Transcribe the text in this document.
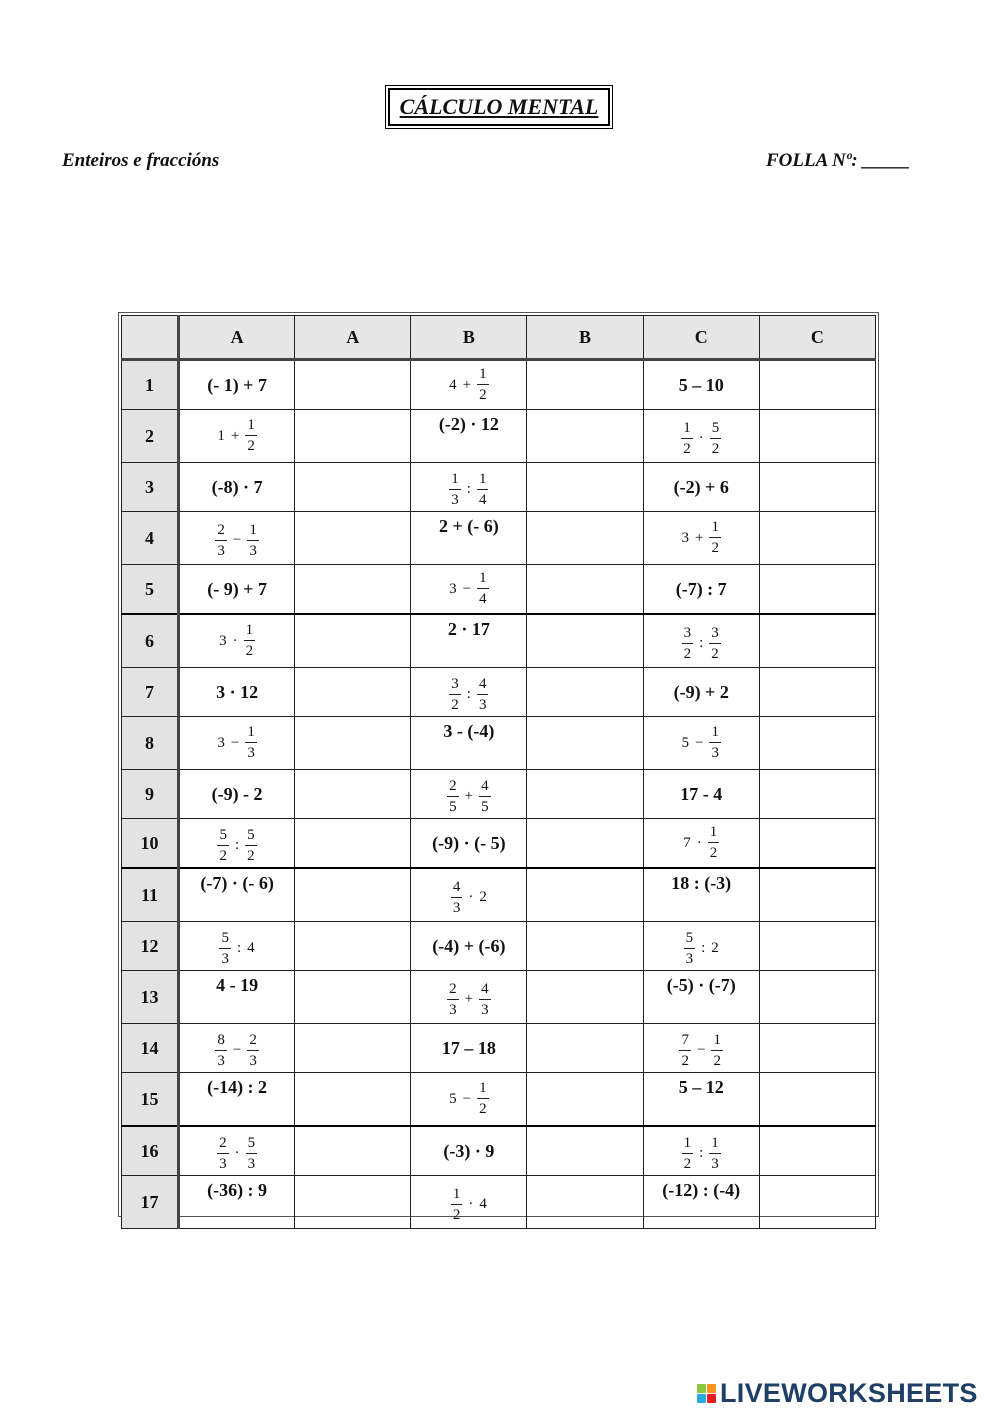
CÁLCULO MENTAL
Enteiros e fraccións	FOLLA Nº: _____
	A	A	B	B	C	C
1	(- 1) + 7		$4 + \frac{1}{2}$		5 – 10	
2	$1 + \frac{1}{2}$		(-2) · 12		$\frac{1}{2} \cdot \frac{5}{2}$

3	(-8) · 7		$\frac{1}{3}$ : $\frac{1}{4}$		(-2) + 6	
4	$\frac{2}{3} - \frac{1}{3}$		2 + (- 6)		$3 + \frac{1}{2}$

5	(- 9) + 7		$3 - \frac{1}{4}$		(-7) : 7	
6	$3 \cdot \frac{1}{2}$		2 · 17		$\frac{3}{2}$ : $\frac{3}{2}$

7	3 · 12		$\frac{3}{2}$ : $\frac{4}{3}$		(-9) + 2	
8	$3 - \frac{1}{3}$		3 - (-4)		$5 - \frac{1}{3}$

9	(-9) - 2		$\frac{2}{5} + \frac{4}{5}$		17 - 4	
10	$\frac{5}{2}$ : $\frac{5}{2}$		(-9) · (- 5)		$7 \cdot \frac{1}{2}$

11	(-7) · (- 6)		$\frac{4}{3} \cdot 2$		18 : (-3)	
12	$\frac{5}{3}$ : 4		(-4) + (-6)		$\frac{5}{3}$ : 2	

13	4 - 19		$\frac{2}{3} + \frac{4}{3}$		(-5) · (-7)	
14	$\frac{8}{3} - \frac{2}{3}$		17 – 18		$\frac{7}{2} - \frac{1}{2}$

15	(-14) : 2		$5 - \frac{1}{2}$		5 – 12	
16	$\frac{2}{3} \cdot \frac{5}{3}$		(-3) · 9		$\frac{1}{2}$ : $\frac{1}{3}$

17	(-36) : 9		$\frac{1}{2} \cdot 4$		(-12) : (-4)	
LIVEWORKSHEETS
